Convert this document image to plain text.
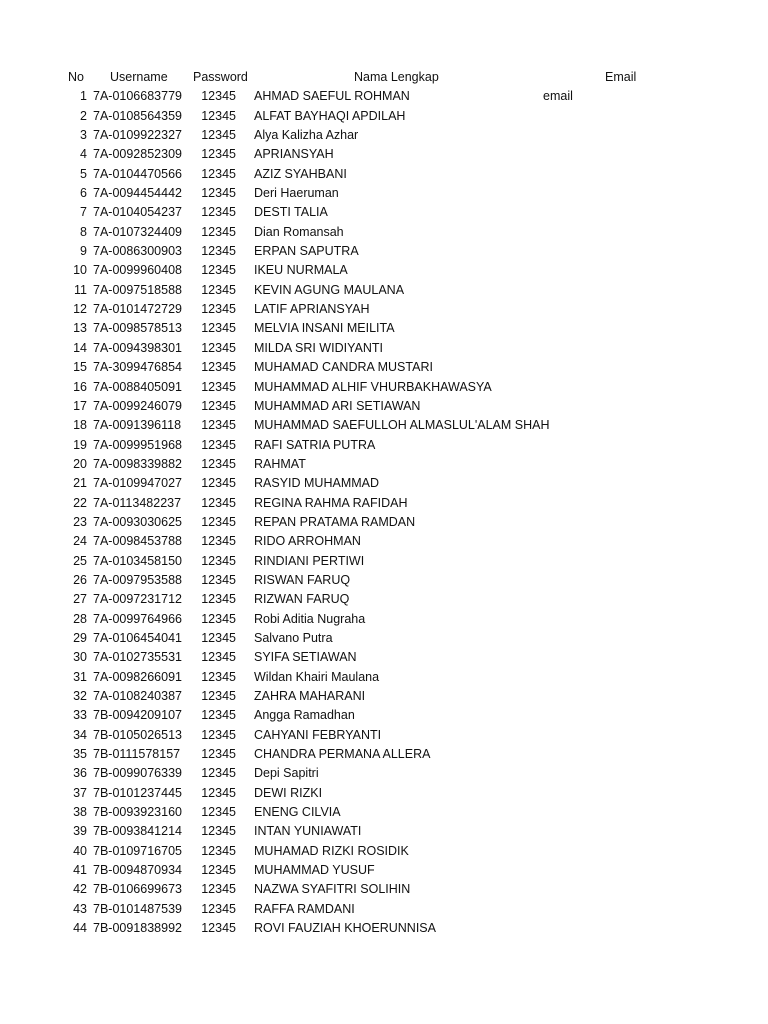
No Username Password	Nama Lengkap	Email
1 7A-0106683779	12345 AHMAD SAEFUL ROHMAN	email
2 7A-0108564359	12345 ALFAT BAYHAQI APDILAH
3 7A-0109922327	12345 Alya Kalizha Azhar
4 7A-0092852309	12345 APRIANSYAH
5 7A-0104470566	12345 AZIZ SYAHBANI
6 7A-0094454442	12345 Deri Haeruman
7 7A-0104054237	12345 DESTI TALIA
8 7A-0107324409	12345 Dian Romansah
9 7A-0086300903	12345 ERPAN SAPUTRA
10 7A-0099960408	12345 IKEU NURMALA
11 7A-0097518588	12345 KEVIN AGUNG MAULANA
12 7A-0101472729	12345 LATIF APRIANSYAH
13 7A-0098578513	12345 MELVIA INSANI MEILITA
14 7A-0094398301	12345 MILDA SRI WIDIYANTI
15 7A-3099476854	12345 MUHAMAD CANDRA MUSTARI
16 7A-0088405091	12345 MUHAMMAD ALHIF VHURBAKHAWASYA
17 7A-0099246079	12345 MUHAMMAD ARI SETIAWAN
18 7A-0091396118	12345 MUHAMMAD SAEFULLOH ALMASLUL'ALAM SHAH
19 7A-0099951968	12345 RAFI SATRIA PUTRA
20 7A-0098339882	12345 RAHMAT
21 7A-0109947027	12345 RASYID MUHAMMAD
22 7A-0113482237	12345 REGINA RAHMA RAFIDAH
23 7A-0093030625	12345 REPAN PRATAMA RAMDAN
24 7A-0098453788	12345 RIDO ARROHMAN
25 7A-0103458150	12345 RINDIANI PERTIWI
26 7A-0097953588	12345 RISWAN FARUQ
27 7A-0097231712	12345 RIZWAN FARUQ
28 7A-0099764966	12345 Robi Aditia Nugraha
29 7A-0106454041	12345 Salvano Putra
30 7A-0102735531	12345 SYIFA SETIAWAN
31 7A-0098266091	12345 Wildan Khairi Maulana
32 7A-0108240387	12345 ZAHRA MAHARANI
33 7B-0094209107	12345 Angga Ramadhan
34 7B-0105026513	12345 CAHYANI FEBRYANTI
35 7B-0111578157	12345 CHANDRA PERMANA ALLERA
36 7B-0099076339	12345 Depi Sapitri
37 7B-0101237445	12345 DEWI RIZKI
38 7B-0093923160	12345 ENENG CILVIA
39 7B-0093841214	12345 INTAN YUNIAWATI
40 7B-0109716705	12345 MUHAMAD RIZKI ROSIDIK
41 7B-0094870934	12345 MUHAMMAD YUSUF
42 7B-0106699673	12345 NAZWA SYAFITRI SOLIHIN
43 7B-0101487539	12345 RAFFA RAMDANI
44 7B-0091838992	12345 ROVI FAUZIAH KHOERUNNISA
